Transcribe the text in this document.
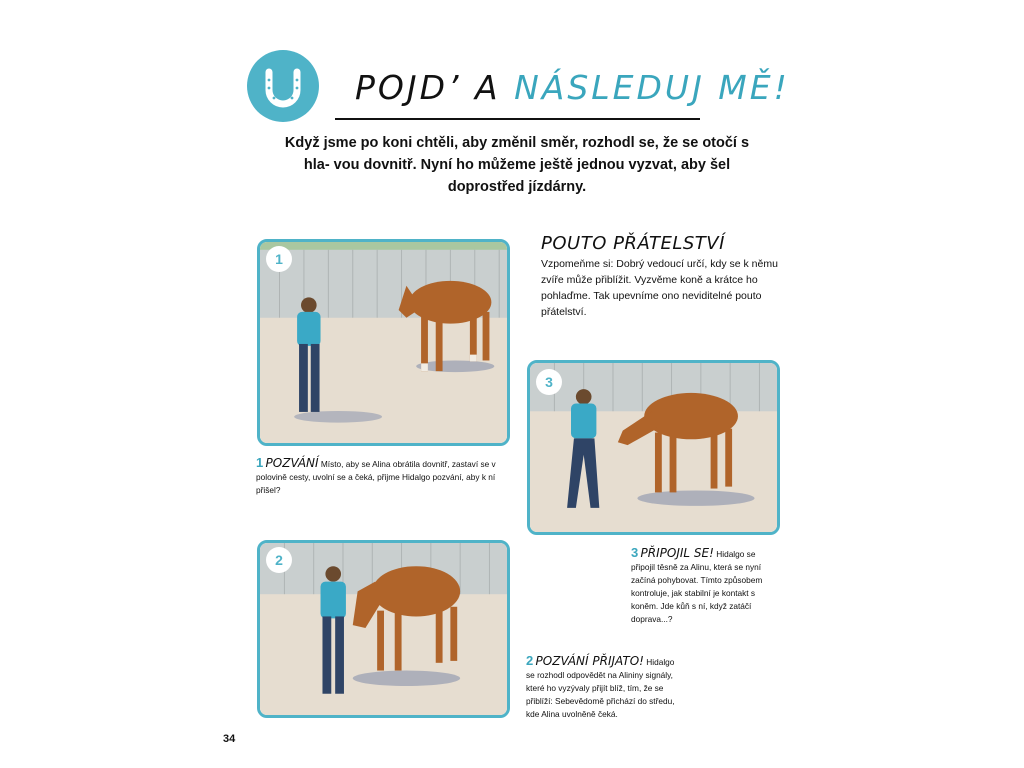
POJD’ A NÁSLEDUJ MĚ!
Když jsme po koni chtěli, aby změnil směr, rozhodl se, že se otočí s hla- vou dovnitř. Nyní ho můžeme ještě jednou vyzvat, aby šel doprostřed jízdárny.
1
3
2
POUTO PŘÁTELSTVÍ
Vzpomeňme si: Dobrý vedoucí určí, kdy se k němu zvíře může přiblížit. Vyzvěme koně a krátce ho pohlaďme. Tak upevníme ono neviditelné pouto přátelství.
1 POZVÁNÍ Místo, aby se Alina obrátila dovnitř, zastaví se v polovině cesty, uvolní se a čeká, přijme Hidalgo pozvání, aby k ní přišel?
3 PŘIPOJIL SE! Hidalgo se připojil těsně za Alinu, která se nyní začíná pohybovat. Tímto způsobem kontroluje, jak stabilní je kontakt s koněm. Jde kůň s ní, když zatáčí doprava...?
2 POZVÁNÍ PŘIJATO! Hidalgo se rozhodl odpovědět na Alininy signály, které ho vyzývaly přijít blíž, tím, že se přiblíží: Sebevědomě přichází do středu, kde Alina uvolněně čeká.
34
